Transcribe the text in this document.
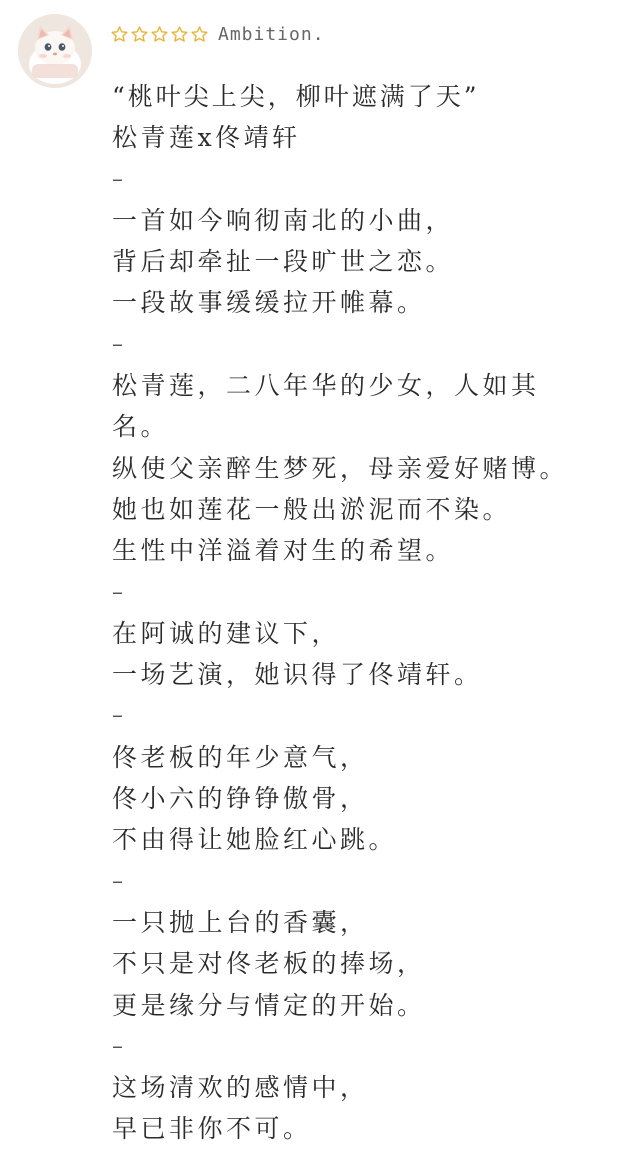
Ambition.
“桃叶尖上尖，柳叶遮满了天”
松青莲x佟靖轩
–
一首如今响彻南北的小曲，
背后却牵扯一段旷世之恋。
一段故事缓缓拉开帷幕。
–
松青莲，二八年华的少女，人如其
名。
纵使父亲醉生梦死，母亲爱好赌博。
她也如莲花一般出淤泥而不染。
生性中洋溢着对生的希望。
–
在阿诚的建议下，
一场艺演，她识得了佟靖轩。
–
佟老板的年少意气，
佟小六的铮铮傲骨，
不由得让她脸红心跳。
–
一只抛上台的香囊，
不只是对佟老板的捧场，
更是缘分与情定的开始。
–
这场清欢的感情中，
早已非你不可。
